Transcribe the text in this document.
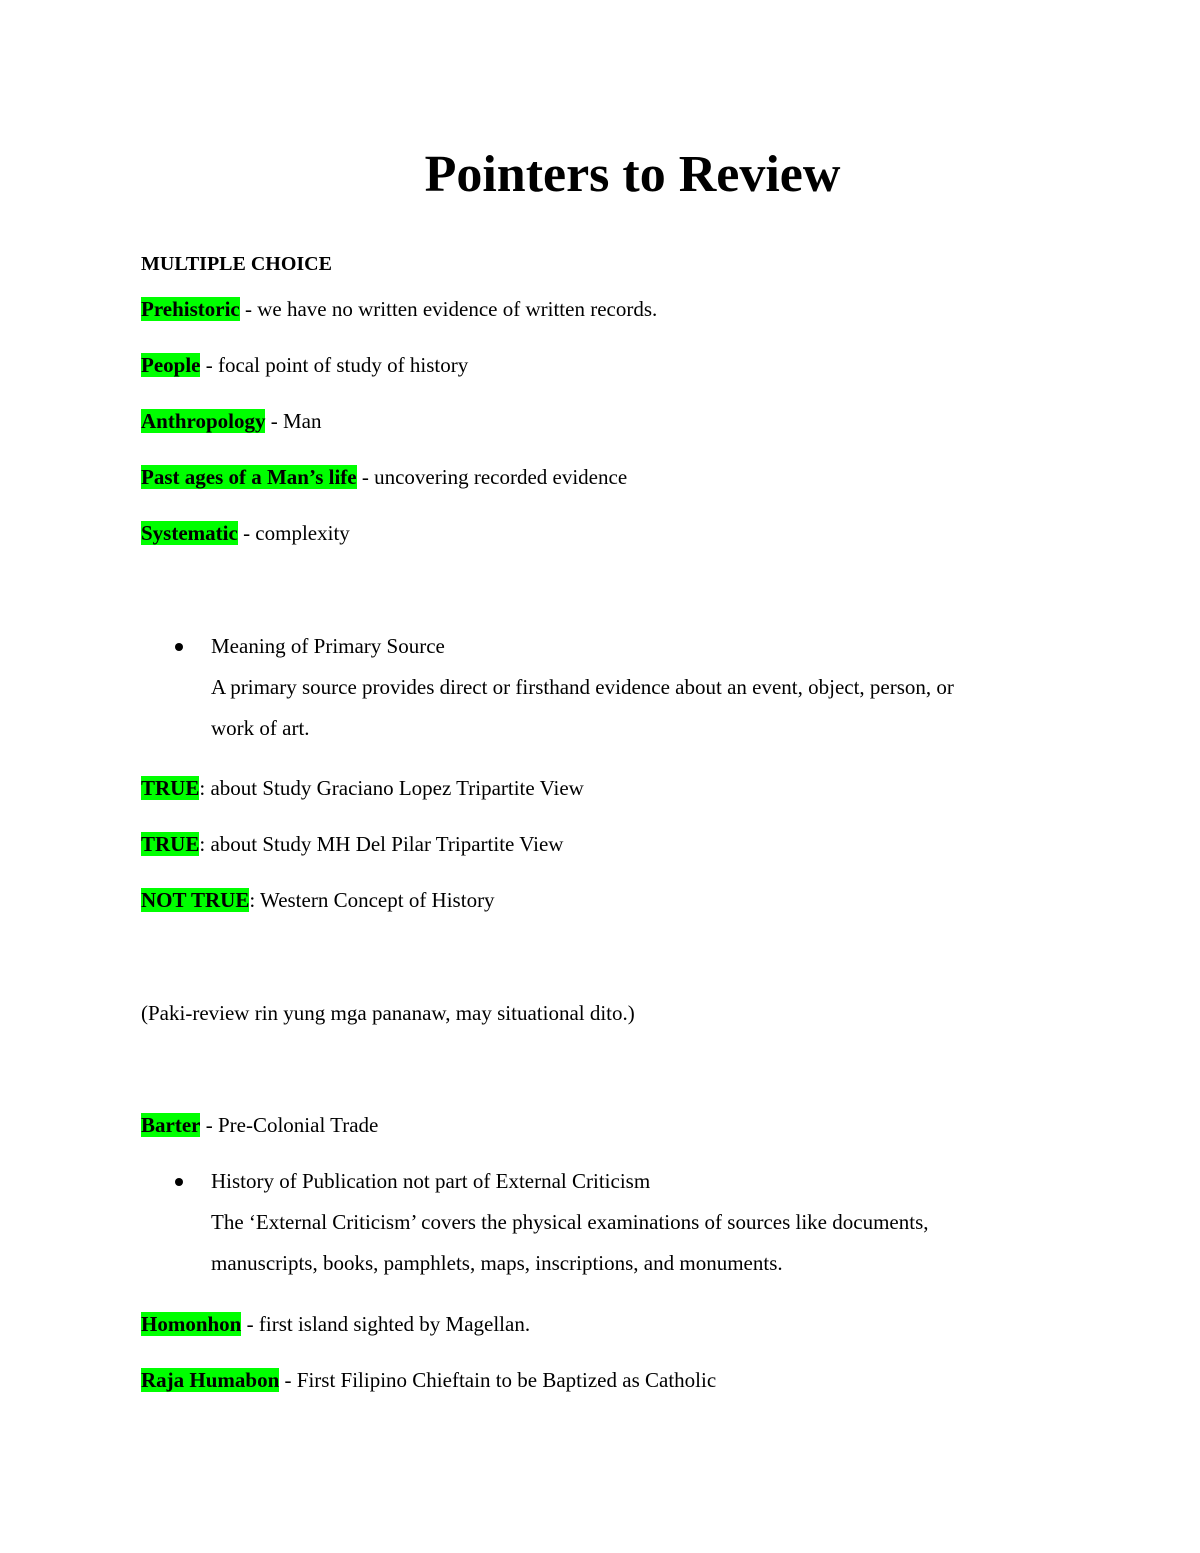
Pointers to Review
MULTIPLE CHOICE
Prehistoric - we have no written evidence of written records.
People - focal point of study of history
Anthropology - Man
Past ages of a Man’s life - uncovering recorded evidence
Systematic - complexity
Meaning of Primary Source
A primary source provides direct or firsthand evidence about an event, object, person, or
work of art.
TRUE: about Study Graciano Lopez Tripartite View
TRUE: about Study MH Del Pilar Tripartite View
NOT TRUE: Western Concept of History
(Paki-review rin yung mga pananaw, may situational dito.)
Barter - Pre-Colonial Trade
History of Publication not part of External Criticism
The ‘External Criticism’ covers the physical examinations of sources like documents,
manuscripts, books, pamphlets, maps, inscriptions, and monuments.
Homonhon - first island sighted by Magellan.
Raja Humabon - First Filipino Chieftain to be Baptized as Catholic
